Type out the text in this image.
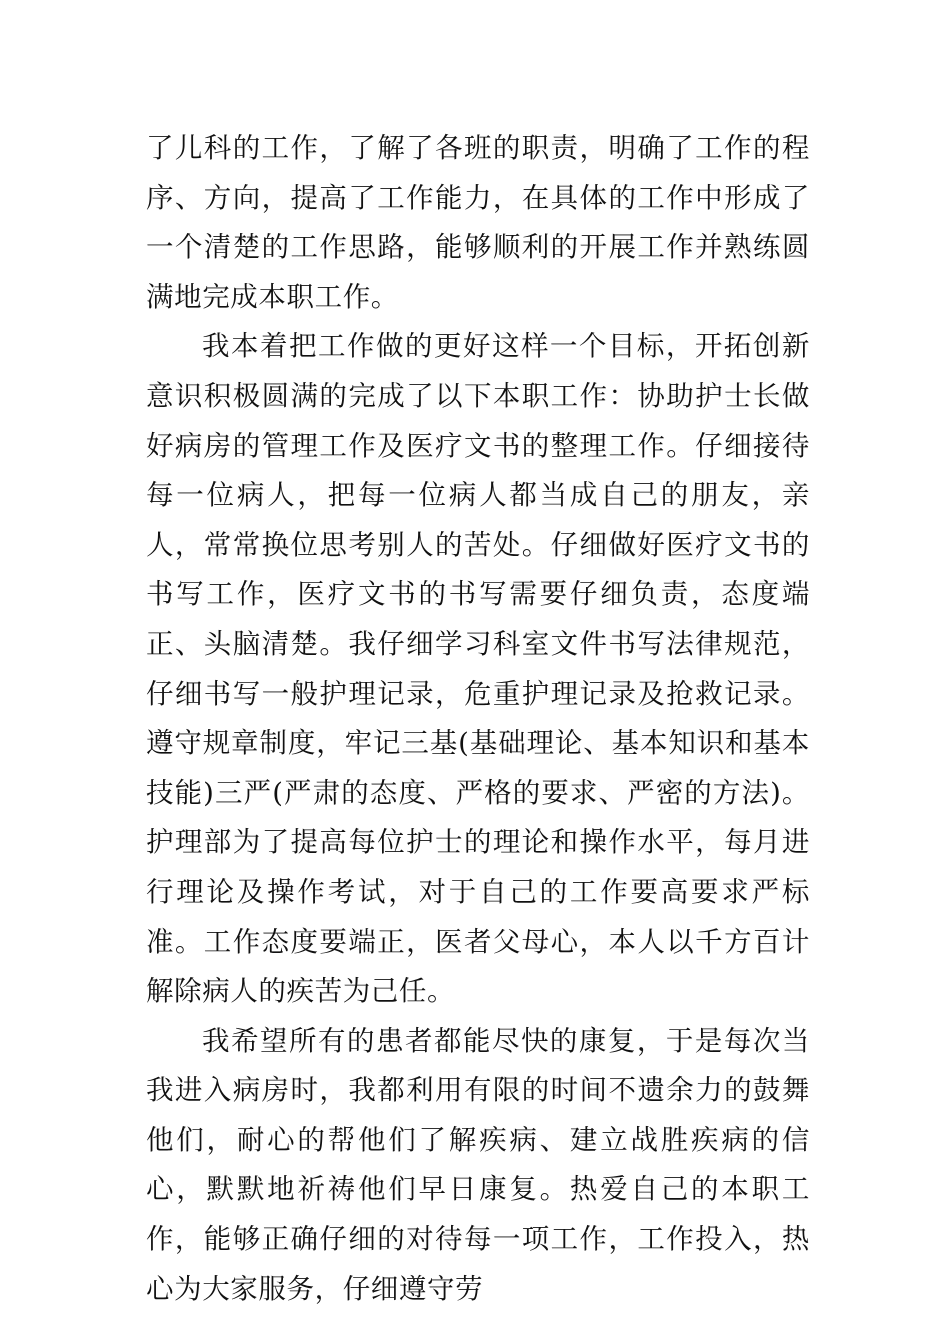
了儿科的工作，了解了各班的职责，明确了工作的程序、方向，提高了工作能力，在具体的工作中形成了一个清楚的工作思路，能够顺利的开展工作并熟练圆满地完成本职工作。

我本着把工作做的更好这样一个目标，开拓创新意识积极圆满的完成了以下本职工作：协助护士长做好病房的管理工作及医疗文书的整理工作。仔细接待每一位病人，把每一位病人都当成自己的朋友，亲人，常常换位思考别人的苦处。仔细做好医疗文书的书写工作，医疗文书的书写需要仔细负责，态度端正、头脑清楚。我仔细学习科室文件书写法律规范，仔细书写一般护理记录，危重护理记录及抢救记录。遵守规章制度，牢记三基(基础理论、基本知识和基本技能)三严(严肃的态度、严格的要求、严密的方法)。护理部为了提高每位护士的理论和操作水平，每月进行理论及操作考试，对于自己的工作要高要求严标准。工作态度要端正，医者父母心，本人以千方百计解除病人的疾苦为己任。

我希望所有的患者都能尽快的康复，于是每次当我进入病房时，我都利用有限的时间不遗余力的鼓舞他们，耐心的帮他们了解疾病、建立战胜疾病的信心，默默地祈祷他们早日康复。热爱自己的本职工作，能够正确仔细的对待每一项工作，工作投入，热心为大家服务，仔细遵守劳
